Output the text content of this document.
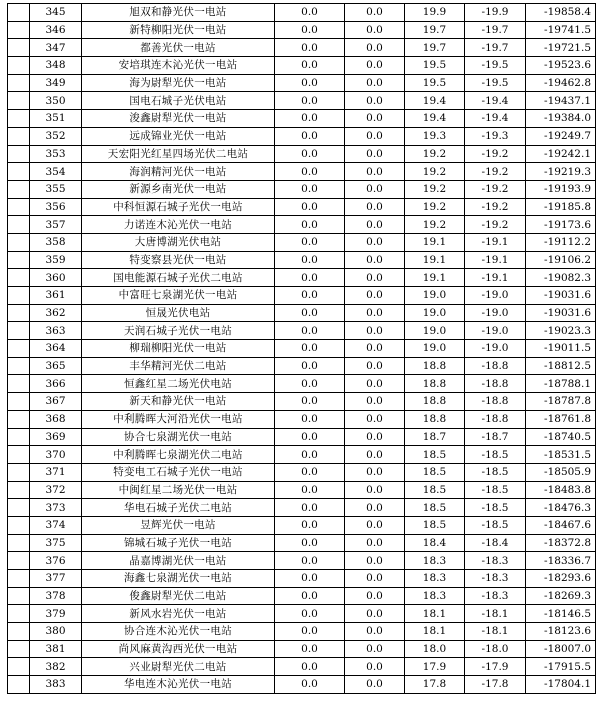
	345	旭双和静光伏一电站	0.0	0.0	19.9	-19.9	-19858.4
	346	新特柳阳光伏一电站	0.0	0.0	19.7	-19.7	-19741.5
	347	都善光伏一电站	0.0	0.0	19.7	-19.7	-19721.5
	348	安培琪连木沁光伏一电站	0.0	0.0	19.5	-19.5	-19523.6
	349	海为尉犁光伏一电站	0.0	0.0	19.5	-19.5	-19462.8
	350	国电石城子光伏电站	0.0	0.0	19.4	-19.4	-19437.1
	351	浚鑫尉犁光伏一电站	0.0	0.0	19.4	-19.4	-19384.0
	352	远成锦业光伏一电站	0.0	0.0	19.3	-19.3	-19249.7
	353	天宏阳光红星四场光伏二电站	0.0	0.0	19.2	-19.2	-19242.1
	354	海润精河光伏一电站	0.0	0.0	19.2	-19.2	-19219.3
	355	新源乡南光伏一电站	0.0	0.0	19.2	-19.2	-19193.9
	356	中科恒源石城子光伏一电站	0.0	0.0	19.2	-19.2	-19185.8
	357	力诺连木沁光伏一电站	0.0	0.0	19.2	-19.2	-19173.6
	358	大唐博湖光伏电站	0.0	0.0	19.1	-19.1	-19112.2
	359	特变察县光伏一电站	0.0	0.0	19.1	-19.1	-19106.2
	360	国电能源石城子光伏二电站	0.0	0.0	19.1	-19.1	-19082.3
	361	中富旺七泉湖光伏一电站	0.0	0.0	19.0	-19.0	-19031.6
	362	恒晟光伏电站	0.0	0.0	19.0	-19.0	-19031.6
	363	天润石城子光伏一电站	0.0	0.0	19.0	-19.0	-19023.3
	364	柳瑞柳阳光伏一电站	0.0	0.0	19.0	-19.0	-19011.5
	365	丰华精河光伏二电站	0.0	0.0	18.8	-18.8	-18812.5
	366	恒鑫红星二场光伏电站	0.0	0.0	18.8	-18.8	-18788.1
	367	新天和静光伏一电站	0.0	0.0	18.8	-18.8	-18787.8
	368	中利腾晖大河沿光伏一电站	0.0	0.0	18.8	-18.8	-18761.8
	369	协合七泉湖光伏一电站	0.0	0.0	18.7	-18.7	-18740.5
	370	中利腾晖七泉湖光伏二电站	0.0	0.0	18.5	-18.5	-18531.5
	371	特变电工石城子光伏一电站	0.0	0.0	18.5	-18.5	-18505.9
	372	中闽红星二场光伏一电站	0.0	0.0	18.5	-18.5	-18483.8
	373	华电石城子光伏二电站	0.0	0.0	18.5	-18.5	-18476.3
	374	昱辉光伏一电站	0.0	0.0	18.5	-18.5	-18467.6
	375	锦城石城子光伏一电站	0.0	0.0	18.4	-18.4	-18372.8
	376	晶嘉博湖光伏一电站	0.0	0.0	18.3	-18.3	-18336.7
	377	海鑫七泉湖光伏一电站	0.0	0.0	18.3	-18.3	-18293.6
	378	俊鑫尉犁光伏二电站	0.0	0.0	18.3	-18.3	-18269.3
	379	新风水岩光伏一电站	0.0	0.0	18.1	-18.1	-18146.5
	380	协合连木沁光伏一电站	0.0	0.0	18.1	-18.1	-18123.6
	381	尚风麻黄沟西光伏一电站	0.0	0.0	18.0	-18.0	-18007.0
	382	兴业尉犁光伏二电站	0.0	0.0	17.9	-17.9	-17915.5
	383	华电连木沁光伏一电站	0.0	0.0	17.8	-17.8	-17804.1
